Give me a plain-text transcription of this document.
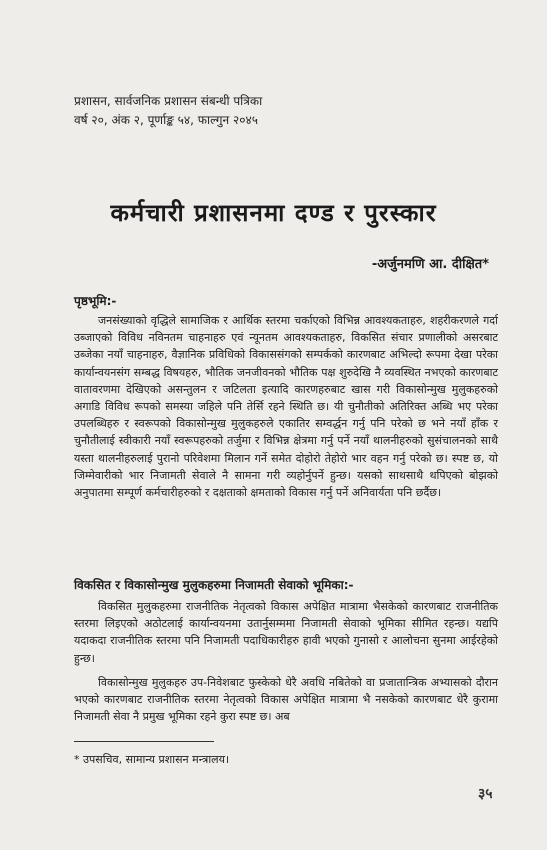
प्रशासन, सार्वजनिक प्रशासन संबन्धी पत्रिका
वर्ष २०, अंक २, पूर्णाङ्क ५४, फाल्गुन २०४५
कर्मचारी प्रशासनमा दण्ड र पुरस्कार
-अर्जुनमणि आ. दीक्षित*
पृष्ठभूमि:-

जनसंख्याको वृद्धिले सामाजिक र आर्थिक स्तरमा चर्काएको विभिन्न आवश्यकताहरु, शहरीकरणले गर्दा उब्जाएको विविध नविनतम चाहनाहरु एवं न्यूनतम आवश्यकताहरु, विकसित संचार प्रणालीको असरबाट उब्जेका नयाँ चाहनाहरु, वैज्ञानिक प्रविधिको विकाससंगको सम्पर्कको कारणबाट अभिल्दो रूपमा देखा परेका कार्यान्वयनसंग सम्बद्ध विषयहरु, भौतिक जनजीवनको भौतिक पक्ष शुरुदेखि नै व्यवस्थित नभएको कारणबाट वातावरणमा देखिएको असन्तुलन र जटिलता इत्यादि कारणहरुबाट खास गरी विकासोन्मुख मुलुकहरुको अगाडि विविध रूपको समस्या जहिले पनि तेर्सि रहने स्थिति छ। यी चुनौतीको अतिरिक्त अब्धि भए परेका उपलब्धिहरु र स्वरूपको विकासोन्मुख मुलुकहरुले एकातिर सम्वर्द्धन गर्नु पनि परेको छ भने नयाँ हाँक र चुनौतीलाई स्वीकारी नयाँ स्वरूपहरुको तर्जुमा र विभिन्न क्षेत्रमा गर्नु पर्ने नयाँ थालनीहरुको सुसंचालनको साथै यस्ता थालनीहरुलाई पुरानो परिवेशमा मिलान गर्ने समेत दोहोरो तेहोरो भार वहन गर्नु परेको छ। स्पष्ट छ, यो जिम्मेवारीको भार निजामती सेवाले नै सामना गरी व्यहोर्नुपर्ने हुन्छ। यसको साथसाथै थपिएको बोझको अनुपातमा सम्पूर्ण कर्मचारीहरुको र दक्षताको क्षमताको विकास गर्नु पर्ने अनिवार्यता पनि छर्दैछ।

विकसित र विकासोन्मुख मुलुकहरुमा निजामती सेवाको भूमिका:-

विकसित मुलुकहरुमा राजनीतिक नेतृत्वको विकास अपेक्षित मात्रामा भैसकेको कारणबाट राजनीतिक स्तरमा लिइएको अठोटलाई कार्यान्वयनमा उतार्नुसम्ममा निजामती सेवाको भूमिका सीमित रहन्छ। यद्यपि यदाकदा राजनीतिक स्तरमा पनि निजामती पदाधिकारीहरु हावी भएको गुनासो र आलोचना सुनमा आईरहेको हुन्छ।

विकासोन्मुख मुलुकहरु उप-निवेशबाट फुस्केको धेरै अवधि नबितेको वा प्रजातान्त्रिक अभ्यासको दौरान भएको कारणबाट राजनीतिक स्तरमा नेतृत्वको विकास अपेक्षित मात्रामा भै नसकेको कारणबाट धेरै कुरामा निजामती सेवा नै प्रमुख भूमिका रहने कुरा स्पष्ट छ। अब

* उपसचिव, सामान्य प्रशासन मन्त्रालय।
३५
